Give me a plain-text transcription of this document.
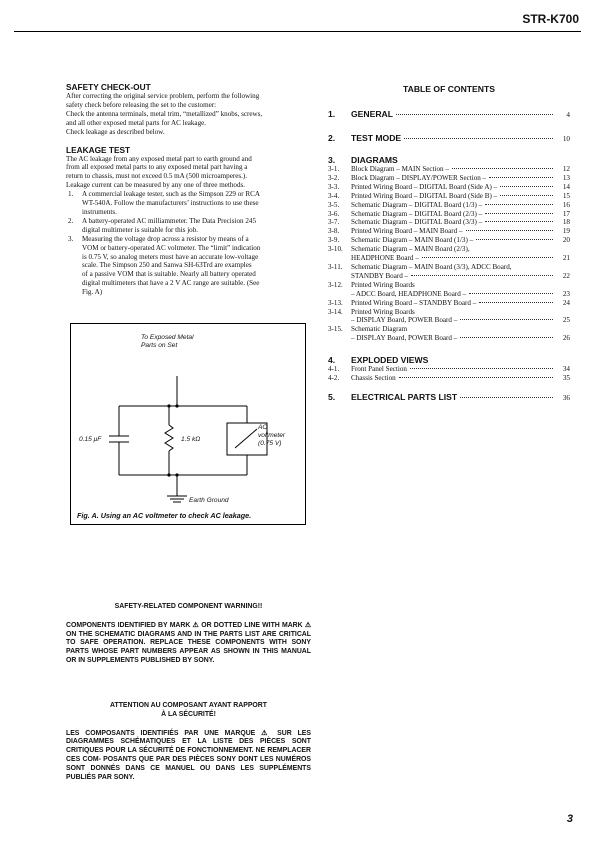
STR-K700
SAFETY CHECK-OUT

After correcting the original service problem, perform the following

safety check before releasing the set to the customer:

Check the antenna terminals, metal trim, “metallized” knobs, screws,

and all other exposed metal parts for AC leakage.

Check leakage as described below.

LEAKAGE TEST

The AC leakage from any exposed metal part to earth ground and

from all exposed metal parts to any exposed metal part having a

return to chassis, must not exceed 0.5 mA (500 microamperes.).

Leakage current can be measured by any one of three methods.

1.	A commercial leakage tester, such as the Simpson 229 or RCA
WT-540A. Follow the manufacturers’ instructions to use these
instruments.
2.	A battery-operated AC milliammeter. The Data Precision 245
digital multimeter is suitable for this job.
3.	Measuring the voltage drop across a resistor by means of a
VOM or battery-operated AC voltmeter. The “limit” indication
is 0.75 V, so analog meters must have an accurate low-voltage
scale. The Simpson 250 and Sanwa SH-63Trd are examples
of a passive VOM that is suitable. Nearly all battery operated
digital multimeters that have a 2 V AC range are suitable. (See
Fig. A)
To Exposed Metal
Parts on Set
0.15 μF	1.5 kΩ
AC
voltmeter
(0.75 V)
Earth Ground
Fig. A. Using an AC voltmeter to check AC leakage.
TABLE OF CONTENTS
1.	GENERAL	4
2.	TEST MODE	10
3. DIAGRAMS
3-1.	Block Diagram – MAIN Section –	12
3-2.	Block Diagram – DISPLAY/POWER Section –	13
3-3.	Printed Wiring Board – DIGITAL Board (Side A) –	14
3-4.	Printed Wiring Board – DIGITAL Board (Side B) –	15
3-5.	Schematic Diagram – DIGITAL Board (1/3) –	16
3-6.	Schematic Diagram – DIGITAL Board (2/3) –	17
3-7.	Schematic Diagram – DIGITAL Board (3/3) –	18
3-8.	Printed Wiring Board – MAIN Board –	19
3-9.	Schematic Diagram – MAIN Board (1/3) –	20
3-10.	Schematic Diagram – MAIN Board (2/3),
HEADPHONE Board –	21
3-11.	Schematic Diagram – MAIN Board (3/3), ADCC Board,
STANDBY Board –	22
3-12.	Printed Wiring Boards
– ADCC Board, HEADPHONE Board –	23
3-13.	Printed Wiring Board – STANDBY Board –	24
3-14.	Printed Wiring Boards
– DISPLAY Board, POWER Board –	25
3-15.	Schematic Diagram
– DISPLAY Board, POWER Board –	26
4. EXPLODED VIEWS
4-1.	Front Panel Section	34
4-2.	Chassis Section	35
5.	ELECTRICAL PARTS LIST	36
SAFETY-RELATED COMPONENT WARNING!!
COMPONENTS IDENTIFIED BY MARK ⚠ OR DOTTED LINE WITH MARK ⚠ ON THE SCHEMATIC DIAGRAMS AND IN THE PARTS LIST ARE CRITICAL TO SAFE OPERATION. REPLACE THESE COMPONENTS WITH SONY PARTS WHOSE PART NUMBERS APPEAR AS SHOWN IN THIS MANUAL OR IN SUPPLEMENTS PUBLISHED BY SONY.
ATTENTION AU COMPOSANT AYANT RAPPORT
À LA SÉCURITÉ!
LES COMPOSANTS IDENTIFIÉS PAR UNE MARQUE ⚠ SUR LES DIAGRAMMES SCHÉMATIQUES ET LA LISTE DES PIÈCES SONT CRITIQUES POUR LA SÉCURITÉ DE FONCTIONNEMENT. NE REMPLACER CES COM- POSANTS QUE PAR DES PIÈCES SONY DONT LES NUMÉROS SONT DONNÉS DANS CE MANUEL OU DANS LES SUPPLÉMENTS PUBLIÉS PAR SONY.
3
